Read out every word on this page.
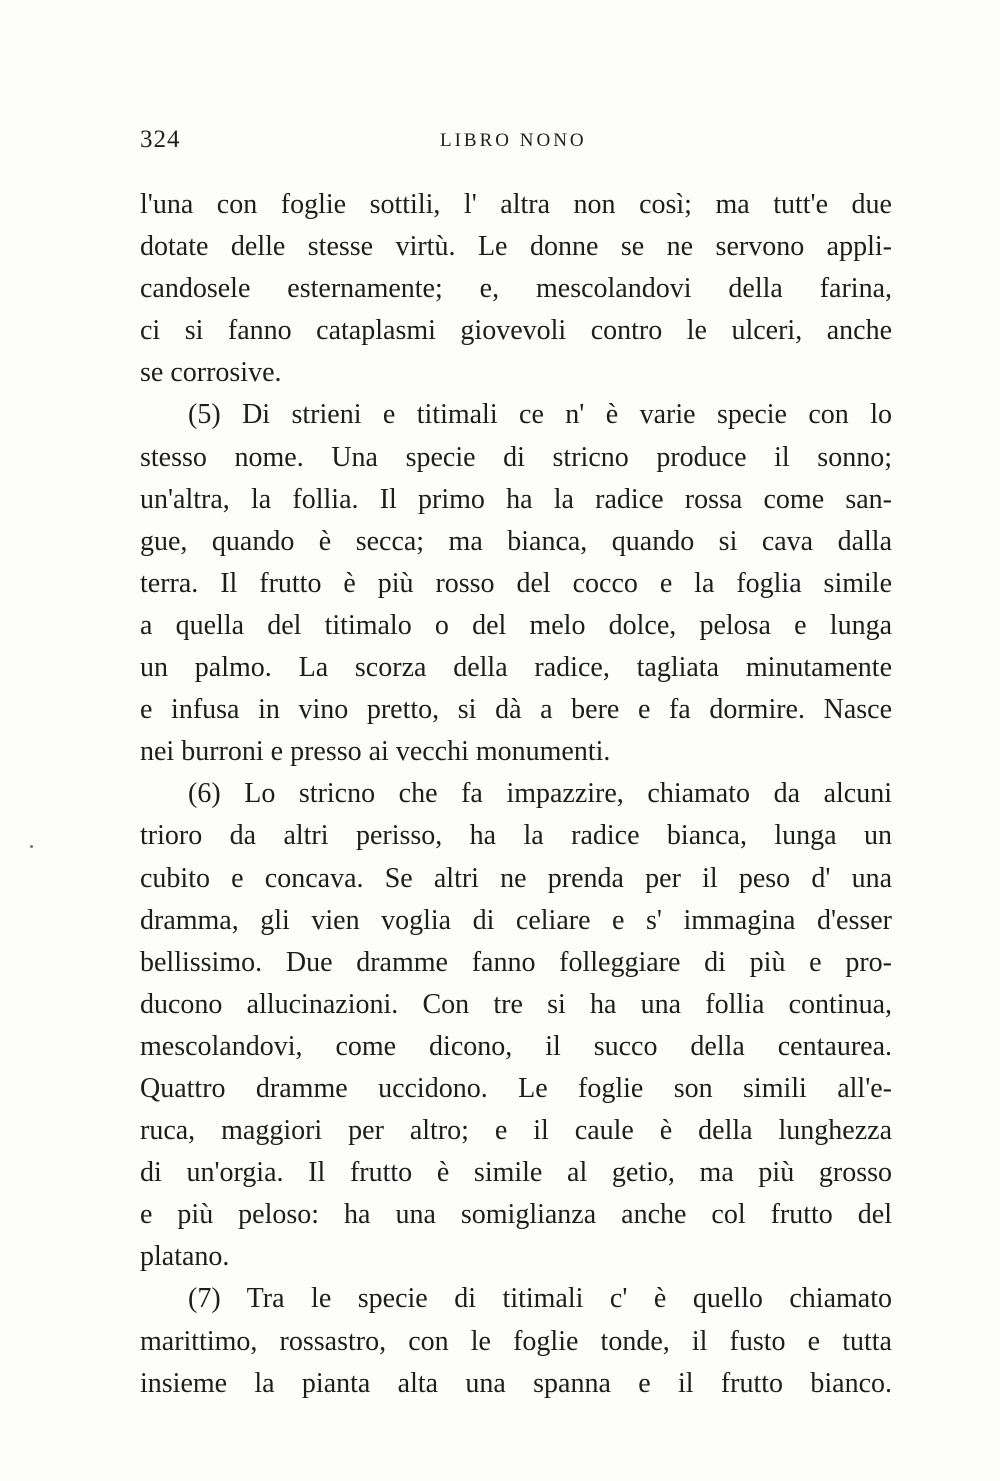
324	LIBRO NONO
l'una con foglie sottili, l' altra non così; ma tutt'e due
dotate delle stesse virtù. Le donne se ne servono appli-
candosele esternamente; e, mescolandovi della farina,
ci si fanno cataplasmi giovevoli contro le ulceri, anche
se corrosive.
(5) Di strieni e titimali ce n' è varie specie con lo
stesso nome. Una specie di stricno produce il sonno;
un'altra, la follia. Il primo ha la radice rossa come san-
gue, quando è secca; ma bianca, quando si cava dalla
terra. Il frutto è più rosso del cocco e la foglia simile
a quella del titimalo o del melo dolce, pelosa e lunga
un palmo. La scorza della radice, tagliata minutamente
e infusa in vino pretto, si dà a bere e fa dormire. Nasce
nei burroni e presso ai vecchi monumenti.
(6) Lo stricno che fa impazzire, chiamato da alcuni
trioro da altri perisso, ha la radice bianca, lunga un
cubito e concava. Se altri ne prenda per il peso d' una
dramma, gli vien voglia di celiare e s' immagina d'esser
bellissimo. Due dramme fanno folleggiare di più e pro-
ducono allucinazioni. Con tre si ha una follia continua,
mescolandovi, come dicono, il succo della centaurea.
Quattro dramme uccidono. Le foglie son simili all'e-
ruca, maggiori per altro; e il caule è della lunghezza
di un'orgia. Il frutto è simile al getio, ma più grosso
e più peloso: ha una somiglianza anche col frutto del
platano.
(7) Tra le specie di titimali c' è quello chiamato
marittimo, rossastro, con le foglie tonde, il fusto e tutta
insieme la pianta alta una spanna e il frutto bianco.
